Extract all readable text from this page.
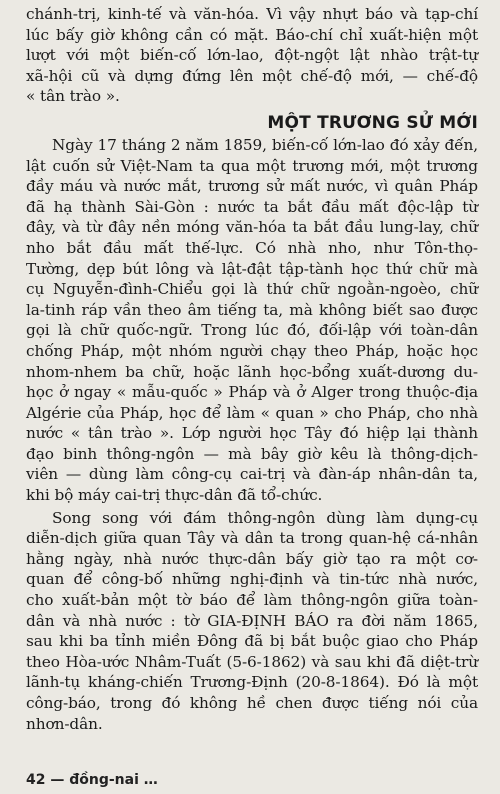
chánh-trị, kinh-tế và văn-hóa. Vì vậy nhựt báo và tạp-chí
lúc bấy giờ không cần có mặt. Báo-chí chỉ xuất-hiện một
lượt với một biến-cố lớn-lao, đột-ngột lật nhào trật-tự
xã-hội cũ và dựng đứng lên một chế-độ mới, — chế-độ
« tân trào ».

MỘT TRƯƠNG SỬ MỚI

Ngày 17 tháng 2 năm 1859, biến-cố lớn-lao đó xảy đến,
lật cuốn sử Việt-Nam ta qua một trương mới, một trương
đầy máu và nước mắt, trương sử mất nước, vì quân Pháp
đã hạ thành Sài-Gòn : nước ta bắt đầu mất độc-lập từ
đây, và từ đây nền móng văn-hóa ta bắt đầu lung-lay, chữ
nho bắt đầu mất thế-lực. Có nhà nho, như Tôn-thọ-
Tường, dẹp bút lông và lật-đật tập-tành học thứ chữ mà
cụ Nguyễn-đình-Chiểu gọi là thứ chữ ngoằn-ngoèo, chữ
la-tinh ráp vần theo âm tiếng ta, mà không biết sao được
gọi là chữ quốc-ngữ. Trong lúc đó, đối-lập với toàn-dân
chống Pháp, một nhóm người chạy theo Pháp, hoặc học
nhom-nhem ba chữ, hoặc lãnh học-bổng xuất-dương du-
học ở ngay « mẫu-quốc » Pháp và ở Alger trong thuộc-địa
Algérie của Pháp, học để làm « quan » cho Pháp, cho nhà
nước « tân trào ». Lớp người học Tây đó hiệp lại thành
đạo binh thông-ngôn — mà bây giờ kêu là thông-dịch-
viên — dùng làm công-cụ cai-trị và đàn-áp nhân-dân ta,
khi bộ máy cai-trị thực-dân đã tổ-chức.

Song song với đám thông-ngôn dùng làm dụng-cụ
diễn-dịch giữa quan Tây và dân ta trong quan-hệ cá-nhân
hằng ngày, nhà nước thực-dân bấy giờ tạo ra một cơ-
quan để công-bố những nghị-định và tin-tức nhà nước,
cho xuất-bản một tờ báo để làm thông-ngôn giữa toàn-
dân và nhà nước : tờ GIA-ĐỊNH BÁO ra đời năm 1865,
sau khi ba tỉnh miền Đông đã bị bắt buộc giao cho Pháp
theo Hòa-ước Nhâm-Tuất (5-6-1862) và sau khi đã diệt-trừ
lãnh-tụ kháng-chiến Trương-Định (20-8-1864). Đó là một
công-báo, trong đó không hề chen được tiếng nói của
nhơn-dân.

42 — đồng-nai …
